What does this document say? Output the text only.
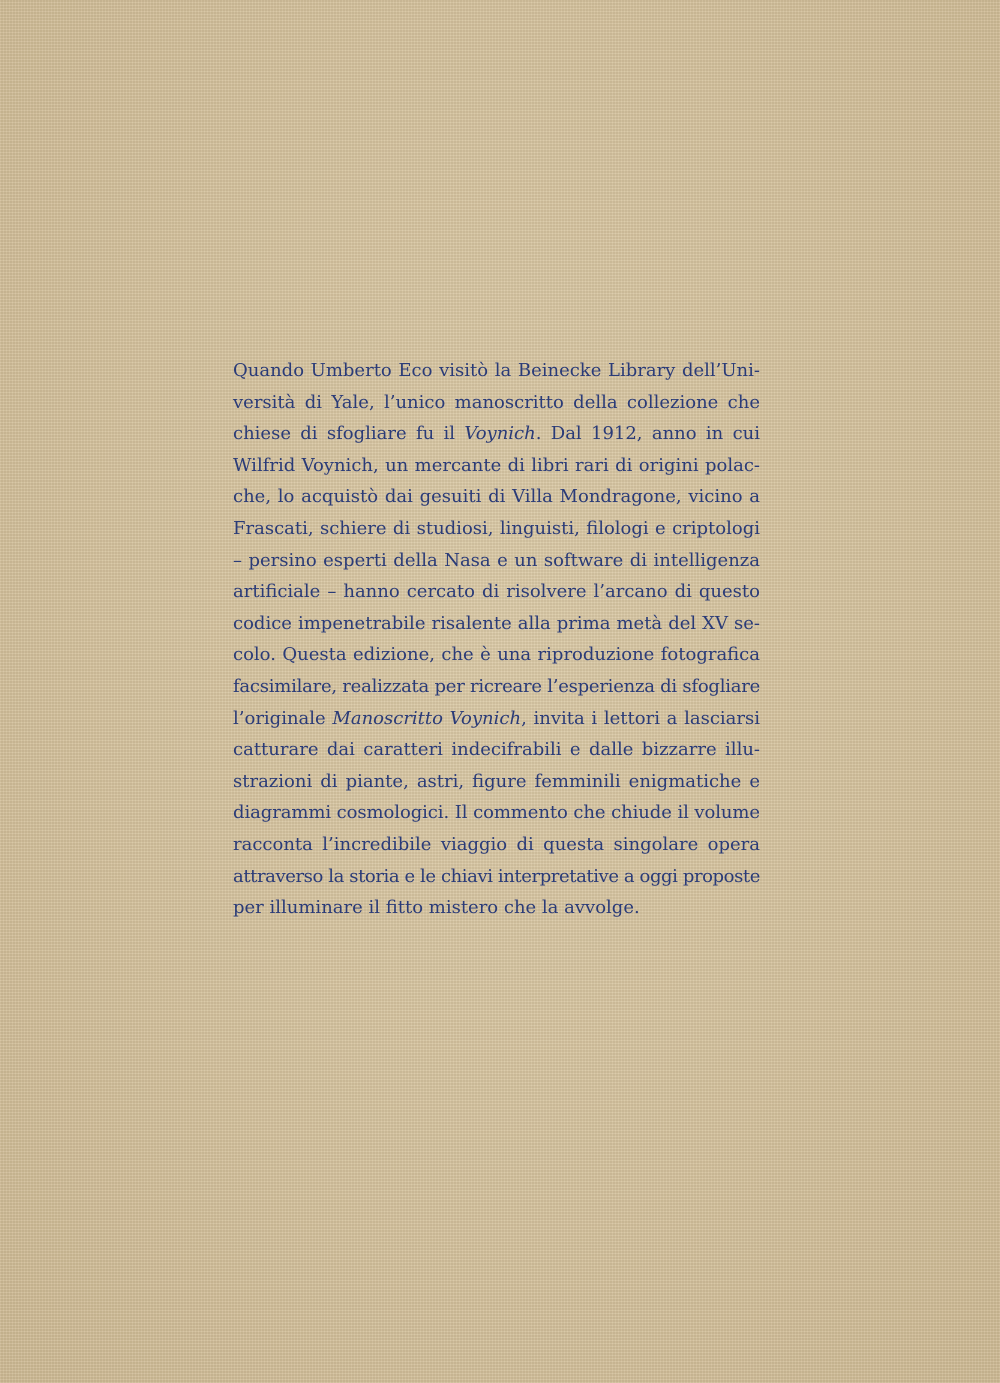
Quando Umberto Eco visitò la Beinecke Library dell’Uni-
versità di Yale, l’unico manoscritto della collezione che
chiese di sfogliare fu il Voynich. Dal 1912, anno in cui
Wilfrid Voynich, un mercante di libri rari di origini polac-
che, lo acquistò dai gesuiti di Villa Mondragone, vicino a
Frascati, schiere di studiosi, linguisti, filologi e criptologi
– persino esperti della Nasa e un software di intelligenza
artificiale – hanno cercato di risolvere l’arcano di questo
codice impenetrabile risalente alla prima metà del XV se-
colo. Questa edizione, che è una riproduzione fotografica
facsimilare, realizzata per ricreare l’esperienza di sfogliare
l’originale Manoscritto Voynich, invita i lettori a lasciarsi
catturare dai caratteri indecifrabili e dalle bizzarre illu-
strazioni di piante, astri, figure femminili enigmatiche e
diagrammi cosmologici. Il commento che chiude il volume
racconta l’incredibile viaggio di questa singolare opera
attraverso la storia e le chiavi interpretative a oggi proposte
per illuminare il fitto mistero che la avvolge.
